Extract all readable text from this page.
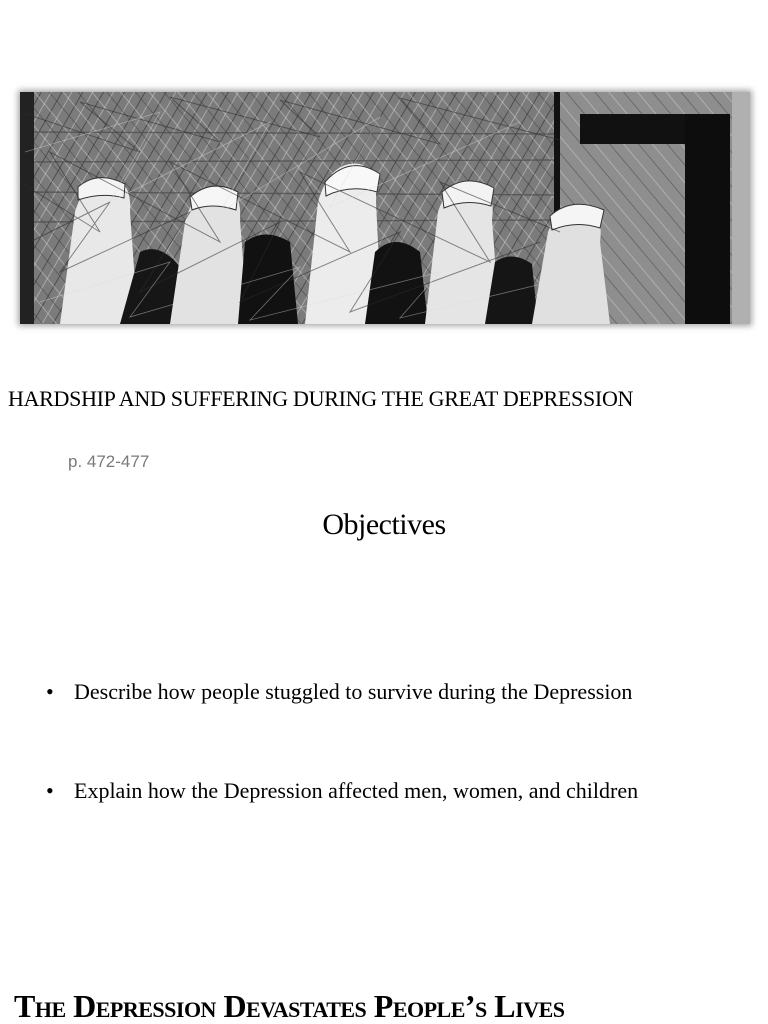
HARDSHIP AND SUFFERING DURING THE GREAT DEPRESSION
p. 472-477
Objectives
• Describe how people stuggled to survive during the Depression
• Explain how the Depression affected men, women, and children
The Depression Devastates People’s Lives
